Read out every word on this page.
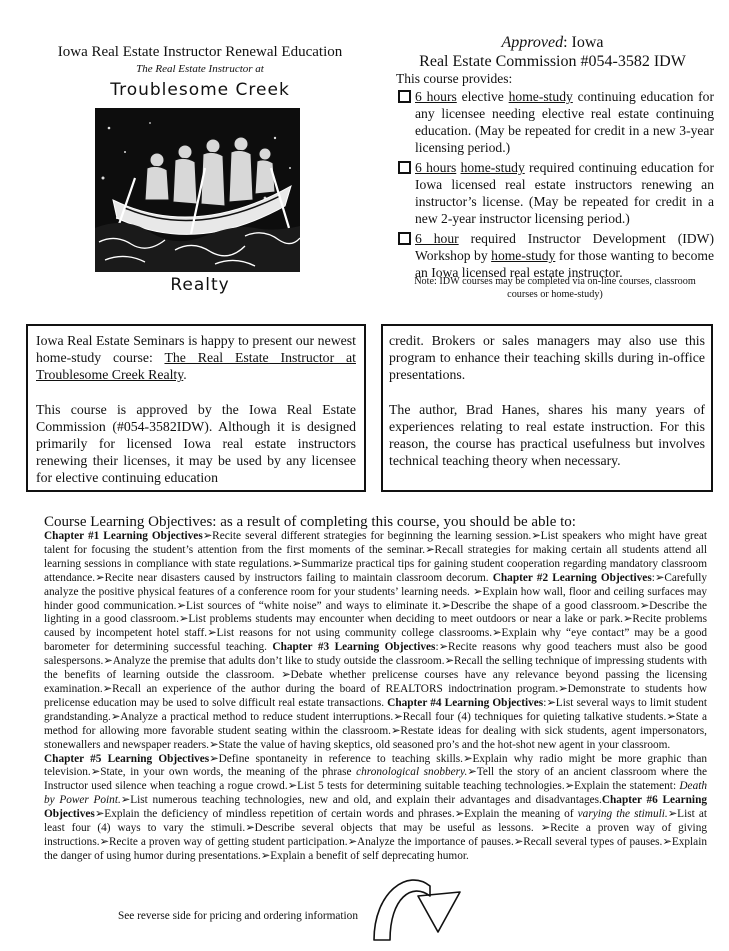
Iowa Real Estate Instructor Renewal Education
The Real Estate Instructor at
Troublesome Creek
Realty
Approved: Iowa
Real Estate Commission #054-3582 IDW
This course provides:
6 hours elective home-study continuing education for any licensee needing elective real estate continuing education. (May be repeated for credit in a new 3-year licensing period.)
6 hours home-study required continuing education for Iowa licensed real estate instructors renewing an instructor’s license. (May be repeated for credit in a new 2-year instructor licensing period.)
6 hour required Instructor Development (IDW) Workshop by home-study for those wanting to become an Iowa licensed real estate instructor.
Note: IDW courses may be completed via on-line courses, classroom courses or home-study)

Iowa Real Estate Seminars is happy to present our newest home-study course: The Real Estate Instructor at Troublesome Creek Realty.

This course is approved by the Iowa Real Estate Commission (#054-3582IDW). Although it is designed primarily for licensed Iowa real estate instructors renewing their licenses, it may be used by any licensee for elective continuing education

credit. Brokers or sales managers may also use this program to enhance their teaching skills during in-office presentations.

The author, Brad Hanes, shares his many years of experiences relating to real estate instruction. For this reason, the course has practical usefulness but involves technical teaching theory when necessary.

Course Learning Objectives: as a result of completing this course, you should be able to:
Chapter #1 Learning Objectives➢Recite several different strategies for beginning the learning session.➢List speakers who might have great talent for focusing the student’s attention from the first moments of the seminar.➢Recall strategies for making certain all students attend all learning sessions in compliance with state regulations.➢Summarize practical tips for gaining student cooperation regarding mandatory classroom attendance.➢Recite near disasters caused by instructors failing to maintain classroom decorum. Chapter #2 Learning Objectives:➢Carefully analyze the positive physical features of a conference room for your students’ learning needs. ➢Explain how wall, floor and ceiling surfaces may hinder good communication.➢List sources of “white noise” and ways to eliminate it.➢Describe the shape of a good classroom.➢Describe the lighting in a good classroom.➢List problems students may encounter when deciding to meet outdoors or near a lake or park.➢Recite problems caused by incompetent hotel staff.➢List reasons for not using community college classrooms.➢Explain why “eye contact” may be a good barometer for determining successful teaching. Chapter #3 Learning Objectives:➢Recite reasons why good teachers must also be good salespersons.➢Analyze the premise that adults don’t like to study outside the classroom.➢Recall the selling technique of impressing students with the benefits of learning outside the classroom. ➢Debate whether prelicense courses have any relevance beyond passing the licensing examination.➢Recall an experience of the author during the board of REALTORS indoctrination program.➢Demonstrate to students how prelicense education may be used to solve difficult real estate transactions. Chapter #4 Learning Objectives:➢List several ways to limit student grandstanding.➢Analyze a practical method to reduce student interruptions.➢Recall four (4) techniques for quieting talkative students.➢State a method for allowing more favorable student seating within the classroom.➢Restate ideas for dealing with sick students, agent impersonators, stonewallers and newspaper readers.➢State the value of having skeptics, old seasoned pro’s and the hot-shot new agent in your classroom.
Chapter #5 Learning Objectives➢Define spontaneity in reference to teaching skills.➢Explain why radio might be more graphic than television.➢State, in your own words, the meaning of the phrase chronological snobbery.➢Tell the story of an ancient classroom where the Instructor used silence when teaching a rogue crowd.➢List 5 tests for determining suitable teaching technologies.➢Explain the statement: Death by Power Point.➢List numerous teaching technologies, new and old, and explain their advantages and disadvantages.Chapter #6 Learning Objectives➢Explain the deficiency of mindless repetition of certain words and phrases.➢Explain the meaning of varying the stimuli.➢List at least four (4) ways to vary the stimuli.➢Describe several objects that may be useful as lessons. ➢Recite a proven way of giving instructions.➢Recite a proven way of getting student participation.➢Analyze the importance of pauses.➢Recall several types of pauses.➢Explain the danger of using humor during presentations.➢Explain a benefit of self deprecating humor.
See reverse side for pricing and ordering information
